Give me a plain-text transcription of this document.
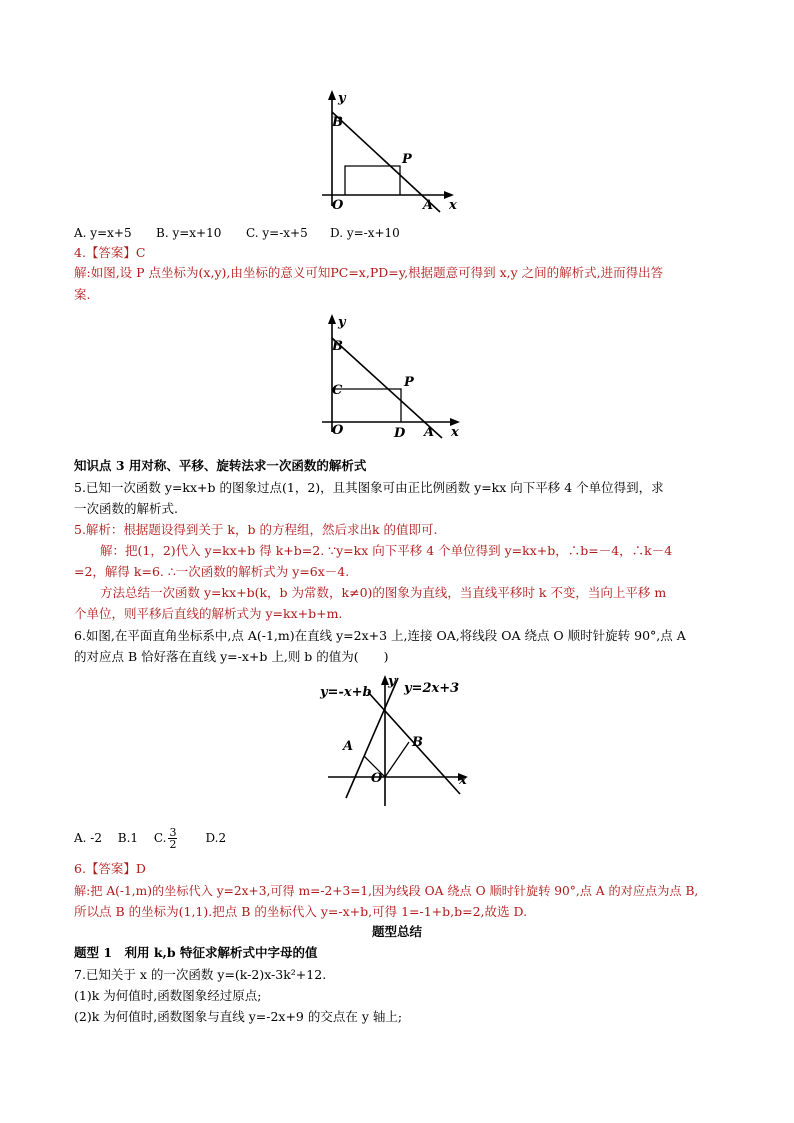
y
B
P
O	A x
A. y=x+5 B. y=x+10 C. y=-x+5 D. y=-x+10
4.【答案】C
解:如图,设 P 点坐标为(x,y),由坐标的意义可知PC=x,PD=y,根据题意可得到 x,y 之间的解析式,进而得出答
案.
y
B
C
P
O	D A x
知识点 3 用对称、平移、旋转法求一次函数的解析式
5.已知一次函数 y=kx+b 的图象过点(1，2)，且其图象可由正比例函数 y=kx 向下平移 4 个单位得到，求
一次函数的解析式.
5.解析：根据题设得到关于 k，b 的方程组，然后求出k 的值即可.
解：把(1，2)代入 y=kx+b 得 k+b=2. ∵y=kx 向下平移 4 个单位得到 y=kx+b，∴b=－4，∴k－4
=2，解得 k=6. ∴一次函数的解析式为 y=6x－4.
方法总结一次函数 y=kx+b(k，b 为常数，k≠0)的图象为直线，当直线平移时 k 不变，当向上平移 m
个单位，则平移后直线的解析式为 y=kx+b+m.
6.如图,在平面直角坐标系中,点 A(-1,m)在直线 y=2x+3 上,连接 OA,将线段 OA 绕点 O 顺时针旋转 90°,点 A
的对应点 B 恰好落在直线 y=-x+b 上,则 b 的值为(　　)
y=-x+b y=2x+3
y
A	B
O	x
A. -2　 B.1　 C. $\frac{3}{2} D.2$
6.【答案】D
解:把 A(-1,m)的坐标代入 y=2x+3,可得 m=-2+3=1,因为线段 OA 绕点 O 顺时针旋转 90°,点 A 的对应点为点 B,
所以点 B 的坐标为(1,1).把点 B 的坐标代入 y=-x+b,可得 1=-1+b,b=2,故选 D.
题型总结
题型 1　利用 k,b 特征求解析式中字母的值
7.已知关于 x 的一次函数 y=(k-2)x-3k²+12.
(1)k 为何值时,函数图象经过原点;
(2)k 为何值时,函数图象与直线 y=-2x+9 的交点在 y 轴上;
